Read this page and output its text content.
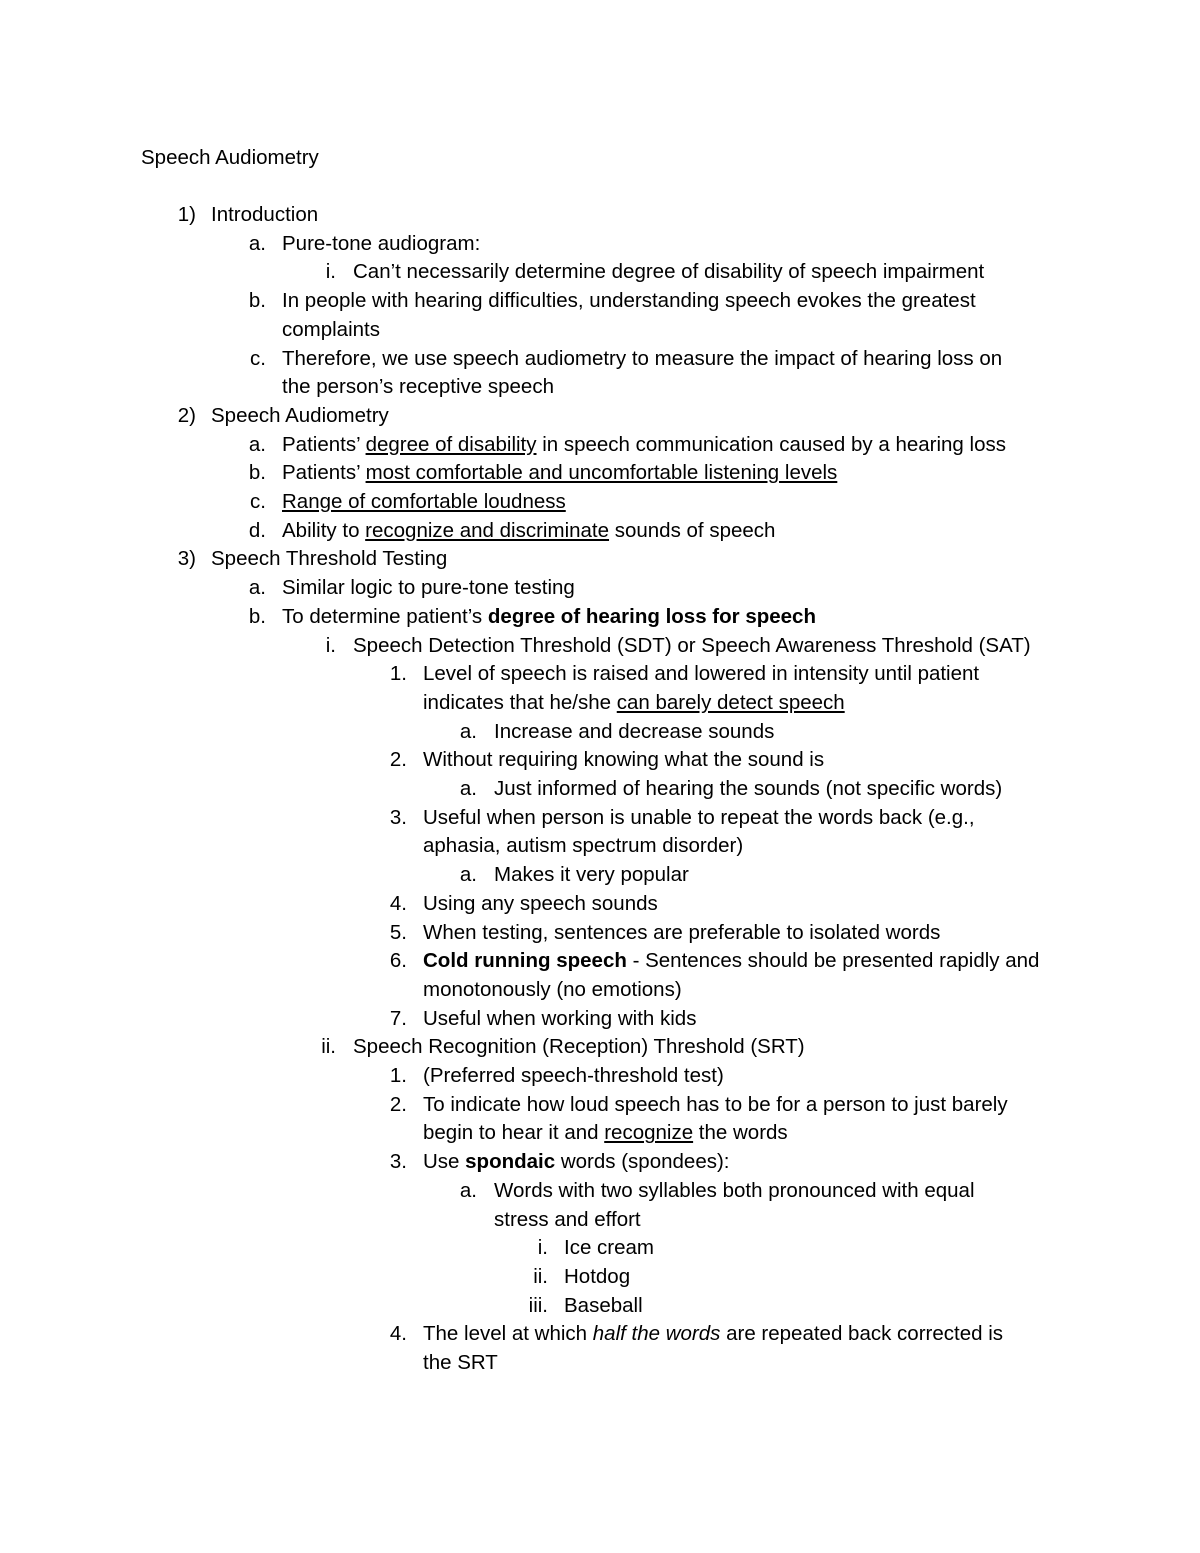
Speech Audiometry
1) Introduction
a. Pure-tone audiogram:
i. Can’t necessarily determine degree of disability of speech impairment
b. In people with hearing difficulties, understanding speech evokes the greatest
complaints
c. Therefore, we use speech audiometry to measure the impact of hearing loss on
the person’s receptive speech
2) Speech Audiometry
a. Patients’ degree of disability in speech communication caused by a hearing loss
b. Patients’ most comfortable and uncomfortable listening levels
c. Range of comfortable loudness
d. Ability to recognize and discriminate sounds of speech
3) Speech Threshold Testing
a. Similar logic to pure-tone testing
b. To determine patient’s degree of hearing loss for speech
i. Speech Detection Threshold (SDT) or Speech Awareness Threshold (SAT)
1. Level of speech is raised and lowered in intensity until patient
indicates that he/she can barely detect speech
a. Increase and decrease sounds
2. Without requiring knowing what the sound is
a. Just informed of hearing the sounds (not specific words)
3. Useful when person is unable to repeat the words back (e.g.,
aphasia, autism spectrum disorder)
a. Makes it very popular
4. Using any speech sounds
5. When testing, sentences are preferable to isolated words
6. Cold running speech - Sentences should be presented rapidly and
monotonously (no emotions)
7. Useful when working with kids
ii. Speech Recognition (Reception) Threshold (SRT)
1. (Preferred speech-threshold test)
2. To indicate how loud speech has to be for a person to just barely
begin to hear it and recognize the words
3. Use spondaic words (spondees):
a. Words with two syllables both pronounced with equal
stress and effort
i. Ice cream
ii. Hotdog
iii. Baseball
4. The level at which half the words are repeated back corrected is
the SRT
